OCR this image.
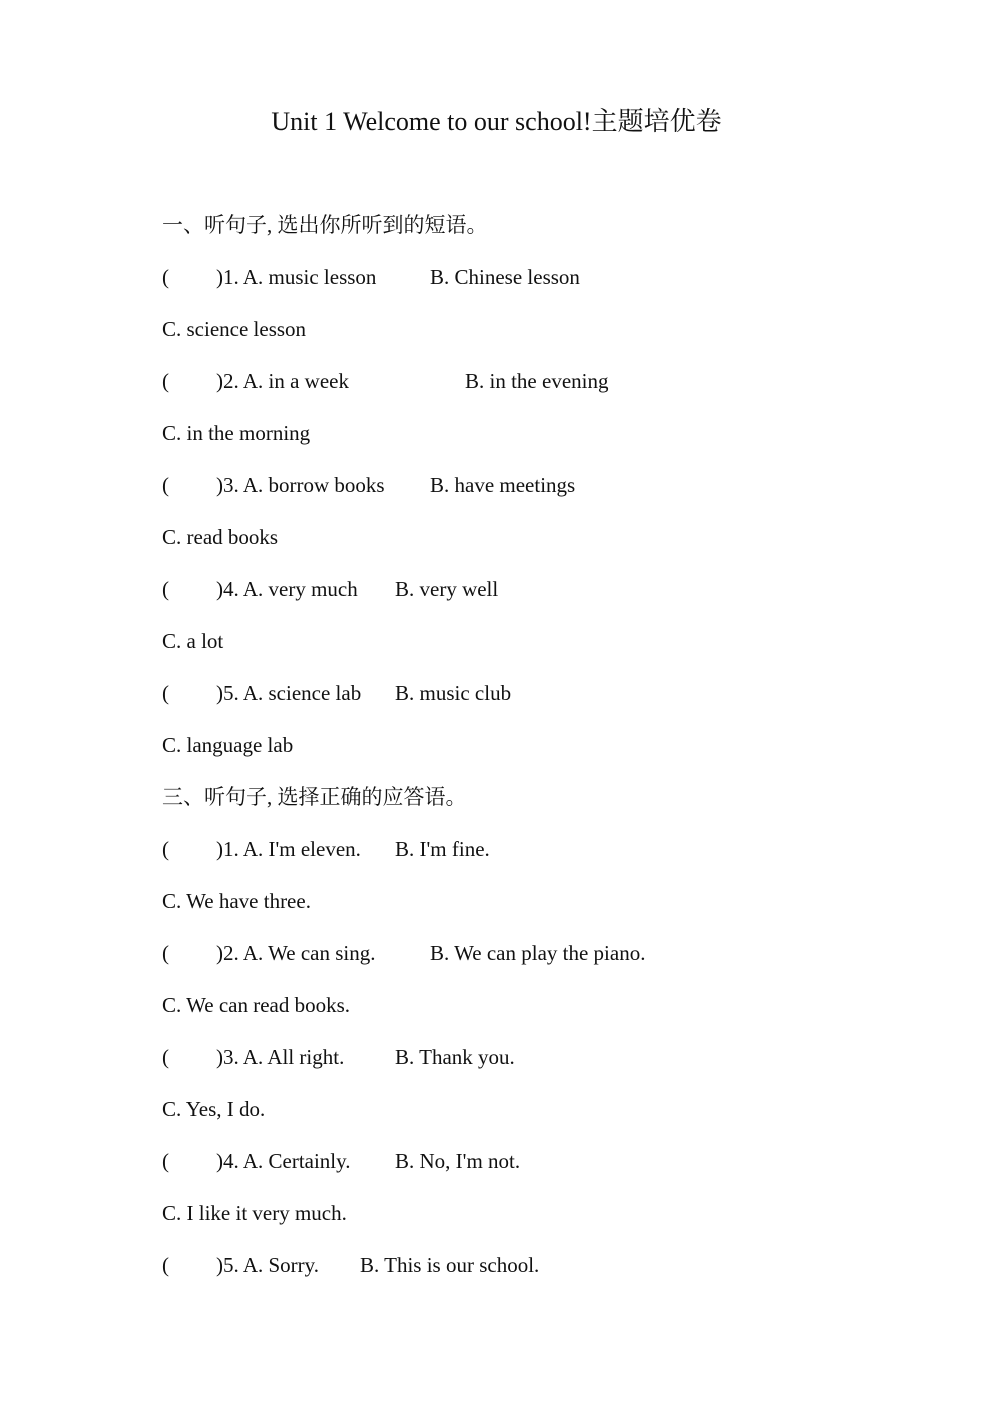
Unit 1 Welcome to our school!主题培优卷
一、听句子, 选出你所听到的短语。
( )1. A. music lesson	B. Chinese lesson
C. science lesson
( )2. A. in a week	B. in the evening
C. in the morning
( )3. A. borrow books B. have meetings
C. read books
( )4. A. very much B. very well
C. a lot
( )5. A. science lab B. music club
C. language lab
三、听句子, 选择正确的应答语。
( )1. A. I'm eleven. B. I'm fine.
C. We have three.
( )2. A. We can sing.	B. We can play the piano.
C. We can read books.
( )3. A. All right. B. Thank you.
C. Yes, I do.
( )4. A. Certainly. B. No, I'm not.
C. I like it very much.
( )5. A. Sorry. B. This is our school.
